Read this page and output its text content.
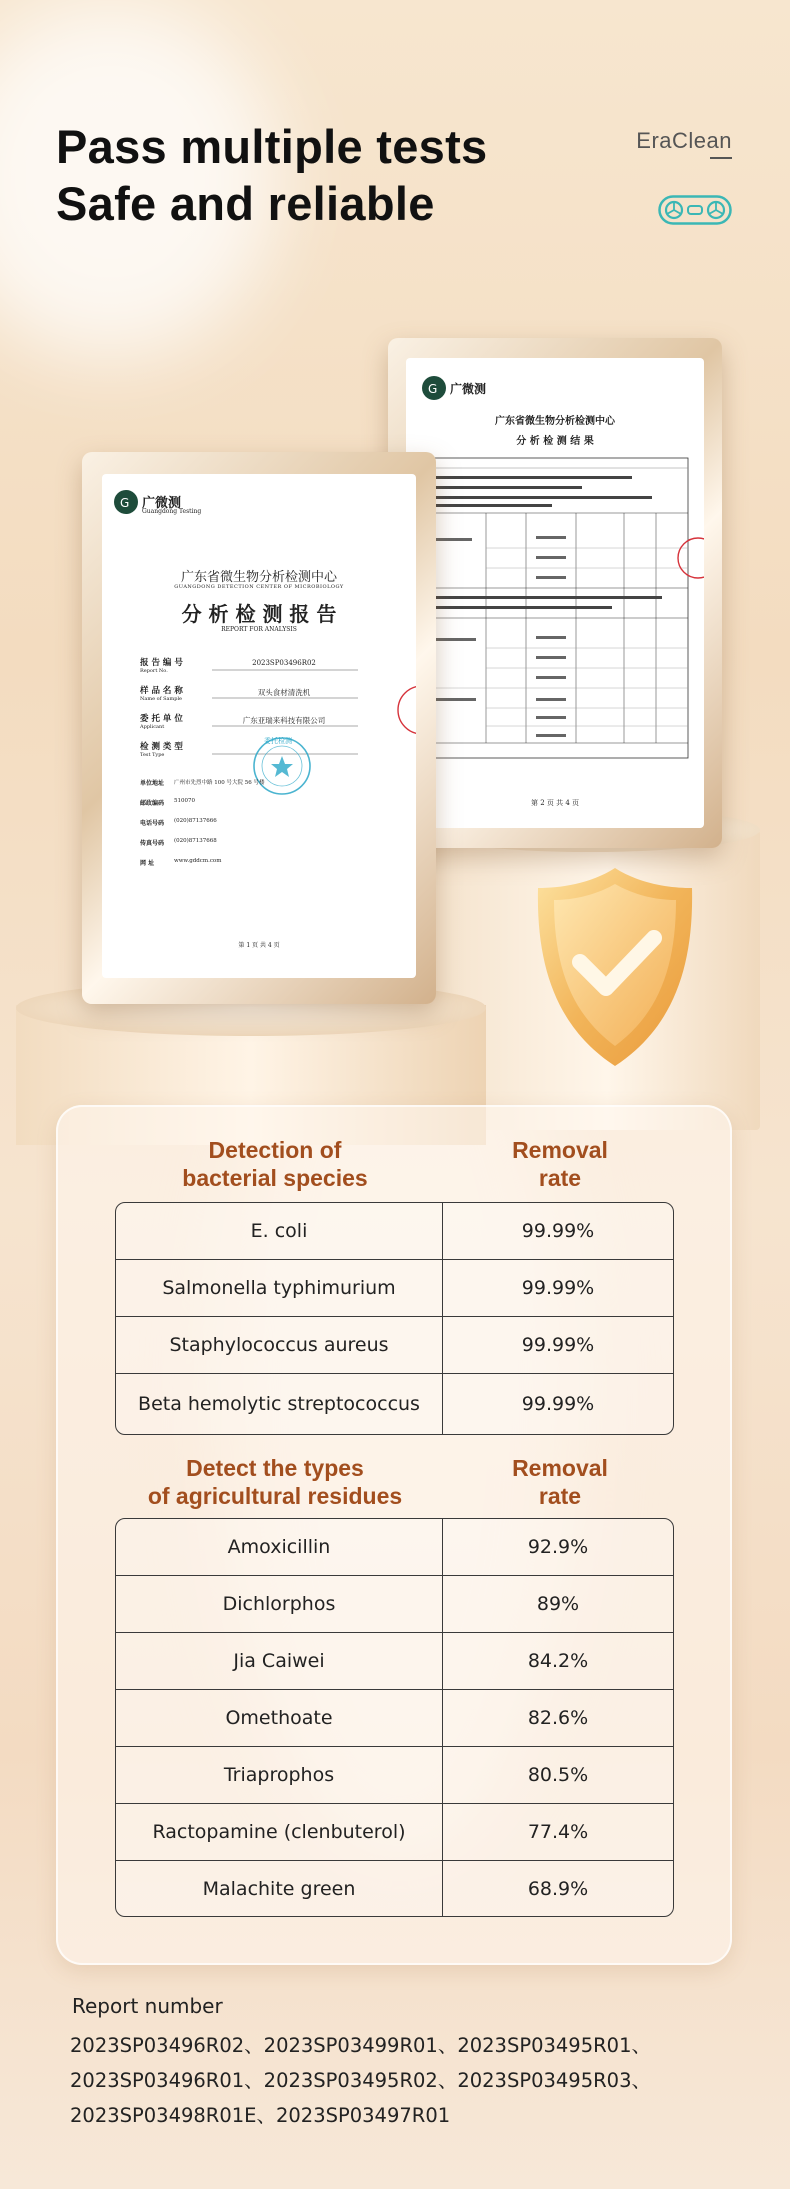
Pass multiple tests
Safe and reliable
EraClean
G 广微测
广东省微生物分析检测中心
分 析 检 测 结 果
第 2 页 共 4 页
G 广微测
Guangdong Testing
广东省微生物分析检测中心
GUANGDONG DETECTION CENTER OF MICROBIOLOGY
分 析 检 测 报 告
REPORT FOR ANALYSIS
报 告 编 号
Report No.
2023SP03496R02
样 品 名 称
Name of Sample
双头食材清洗机
委 托 单 位
Applicant
广东亚瑞来科技有限公司
检 测 类 型
Test Type
委托检测
单位地址 广州市先烈中路 100 号大院 56 号楼
邮政编码 510070
电话号码 (020)87137666
传真号码 (020)87137668
网 址	www.gddcm.com
第 1 页 共 4 页
Detection of
bacterial species
Removal
rate
E. coli	99.99%
Salmonella typhimurium	99.99%
Staphylococcus aureus	99.99%
Beta hemolytic streptococcus	99.99%
Detect the types
of agricultural residues
Removal
rate
Amoxicillin	92.9%
Dichlorphos	89%
Jia Caiwei	84.2%
Omethoate	82.6%
Triaprophos	80.5%
Ractopamine (clenbuterol)	77.4%
Malachite green	68.9%
Report number
2023SP03496R02、2023SP03499R01、2023SP03495R01、
2023SP03496R01、2023SP03495R02、2023SP03495R03、
2023SP03498R01E、2023SP03497R01
